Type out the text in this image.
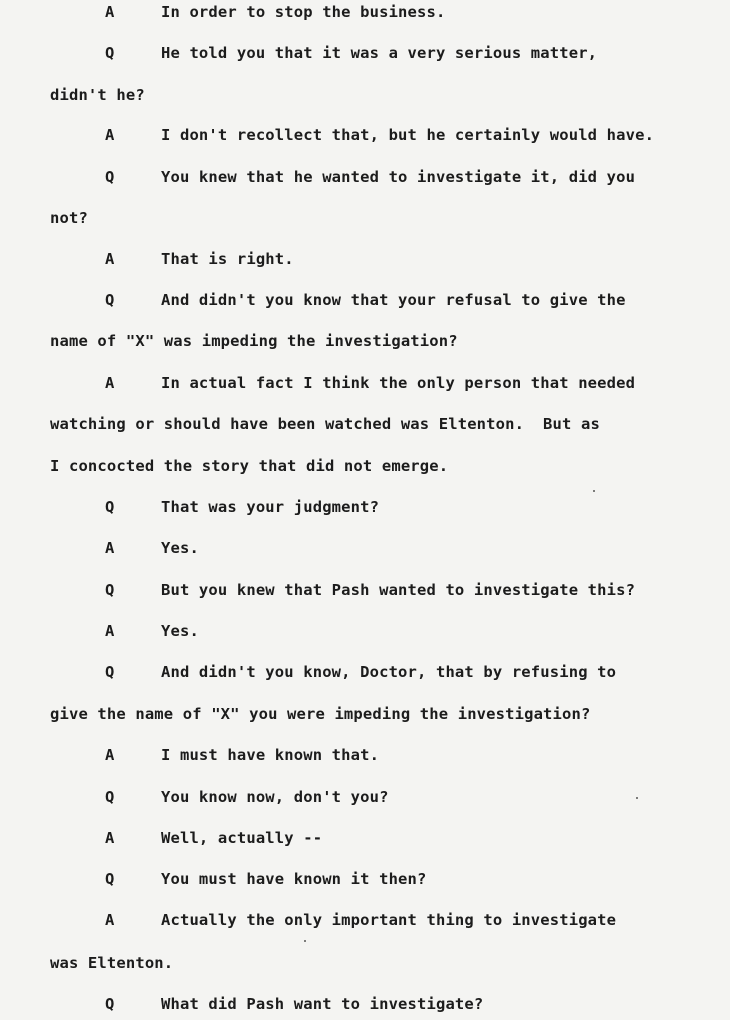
A	In order to stop the business.
Q	He told you that it was a very serious matter,
didn't he?
A	I don't recollect that, but he certainly would have.
Q	You knew that he wanted to investigate it, did you
not?
A	That is right.
Q	And didn't you know that your refusal to give the
name of "X" was impeding the investigation?
A	In actual fact I think the only person that needed
watching or should have been watched was Eltenton.  But as
I concocted the story that did not emerge.
Q	That was your judgment?
A	Yes.
Q	But you knew that Pash wanted to investigate this?
A	Yes.
Q	And didn't you know, Doctor, that by refusing to
give the name of "X" you were impeding the investigation?
A	I must have known that.
Q	You know now, don't you?
A	Well, actually --
Q	You must have known it then?
A	Actually the only important thing to investigate
was Eltenton.
Q	What did Pash want to investigate?
